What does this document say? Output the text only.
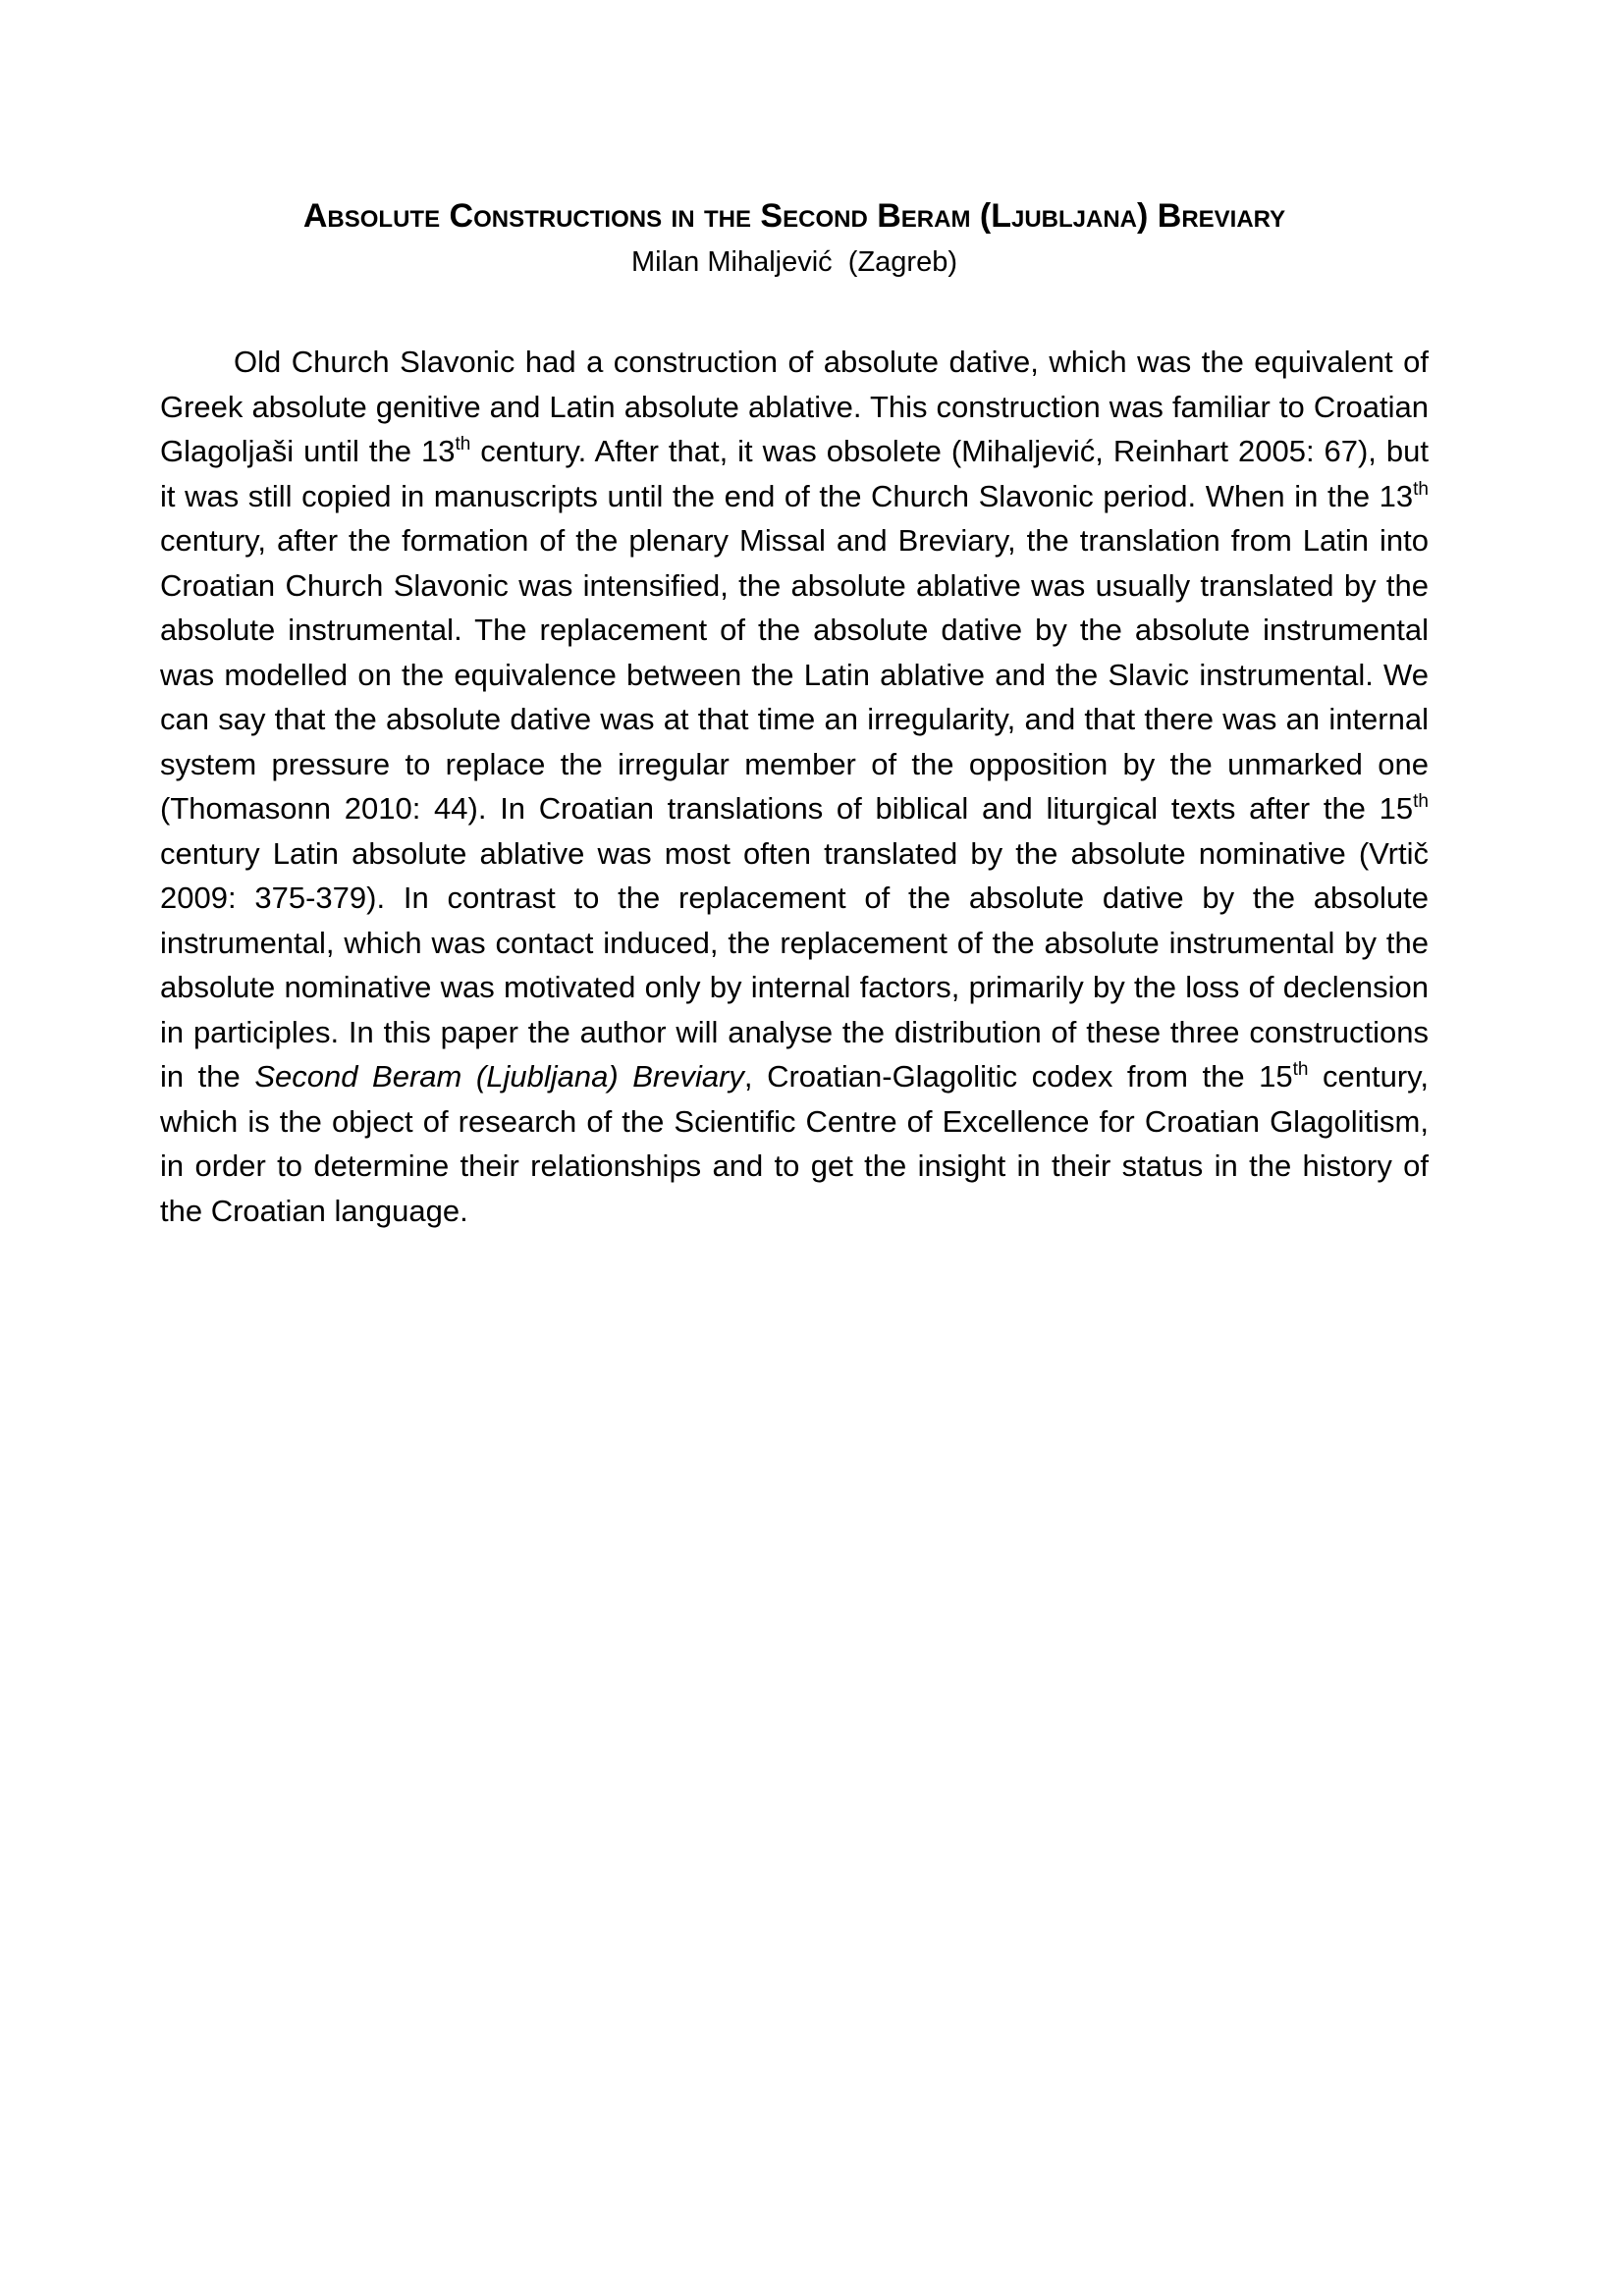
Absolute Constructions in the Second Beram (Ljubljana) Breviary
Milan Mihaljević  (Zagreb)

Old Church Slavonic had a construction of absolute dative, which was the equivalent of Greek absolute genitive and Latin absolute ablative. This construction was familiar to Croatian Glagoljaši until the 13th century. After that, it was obsolete (Mihaljević, Reinhart 2005: 67), but it was still copied in manuscripts until the end of the Church Slavonic period. When in the 13th century, after the formation of the plenary Missal and Breviary, the translation from Latin into Croatian Church Slavonic was intensified, the absolute ablative was usually translated by the absolute instrumental. The replacement of the absolute dative by the absolute instrumental was modelled on the equivalence between the Latin ablative and the Slavic instrumental. We can say that the absolute dative was at that time an irregularity, and that there was an internal system pressure to replace the irregular member of the opposition by the unmarked one (Thomasonn 2010: 44). In Croatian translations of biblical and liturgical texts after the 15th century Latin absolute ablative was most often translated by the absolute nominative (Vrtič 2009: 375-379). In contrast to the replacement of the absolute dative by the absolute instrumental, which was contact induced, the replacement of the absolute instrumental by the absolute nominative was motivated only by internal factors, primarily by the loss of declension in participles. In this paper the author will analyse the distribution of these three constructions in the Second Beram (Ljubljana) Breviary, Croatian-Glagolitic codex from the 15th century, which is the object of research of the Scientific Centre of Excellence for Croatian Glagolitism, in order to determine their relationships and to get the insight in their status in the history of the Croatian language.
